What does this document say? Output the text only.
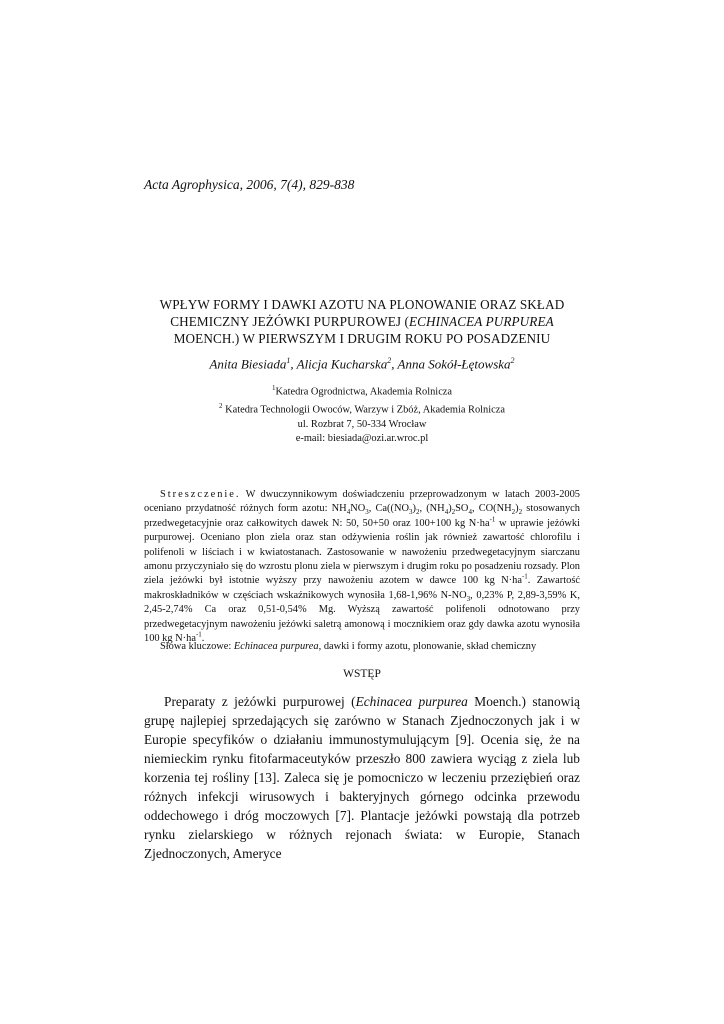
Acta Agrophysica, 2006, 7(4), 829-838
WPŁYW FORMY I DAWKI AZOTU NA PLONOWANIE ORAZ SKŁAD
CHEMICZNY JEŻÓWKI PURPUROWEJ (ECHINACEA PURPUREA
MOENCH.) W PIERWSZYM I DRUGIM ROKU PO POSADZENIU
Anita Biesiada$^1$, Alicja Kucharska$^2$, Anna Sokół-Łętowska$^2$
$^1$Katedra Ogrodnictwa, Akademia Rolnicza
$^2$ Katedra Technologii Owoców, Warzyw i Zbóż, Akademia Rolnicza
ul. Rozbrat 7, 50-334 Wrocław
e-mail: biesiada@ozi.ar.wroc.pl

Streszczenie. W dwuczynnikowym doświadczeniu przeprowadzonym w latach 2003-2005 oceniano przydatność różnych form azotu: $NH_4NO_3$, $Ca((NO_3)_2$, $(NH_4)_2SO_4$, $CO(NH_2)_2$ stosowanych przedwegetacyjnie oraz całkowitych dawek N: 50, 50+50 oraz 100+100 kg $N\cdot ha^{-1}$ w uprawie jeżówki purpurowej. Oceniano plon ziela oraz stan odżywienia roślin jak również zawartość chlorofilu i polifenoli w liściach i w kwiatostanach. Zastosowanie w nawożeniu przedwegetacyjnym siarczanu amonu przyczyniało się do wzrostu plonu ziela w pierwszym i drugim roku po posadzeniu rozsady. Plon ziela jeżówki był istotnie wyższy przy nawożeniu azotem w dawce 100 kg $N\cdot ha^{-1}$. Zawartość makroskładników w częściach wskaźnikowych wynosiła 1,68-1,96% $N-NO_3$, 0,23% P, 2,89-3,59% K, 2,45-2,74% Ca oraz 0,51-0,54% Mg. Wyższą zawartość polifenoli odnotowano przy przedwegetacyjnym nawożeniu jeżówki saletrą amonową i mocznikiem oraz gdy dawka azotu wynosiła 100 kg $N\cdot ha^{-1}$.

Słowa kluczowe: Echinacea purpurea, dawki i formy azotu, plonowanie, skład chemiczny
WSTĘP

Preparaty z jeżówki purpurowej (Echinacea purpurea Moench.) stanowią grupę najlepiej sprzedających się zarówno w Stanach Zjednoczonych jak i w Europie specyfików o działaniu immunostymulującym [9]. Ocenia się, że na niemieckim rynku fitofarmaceutyków przeszło 800 zawiera wyciąg z ziela lub korzenia tej rośliny [13]. Zaleca się je pomocniczo w leczeniu przeziębień oraz różnych infekcji wirusowych i bakteryjnych górnego odcinka przewodu oddechowego i dróg moczowych [7]. Plantacje jeżówki powstają dla potrzeb rynku zielarskiego w różnych rejonach świata: w Europie, Stanach Zjednoczonych, Ameryce
